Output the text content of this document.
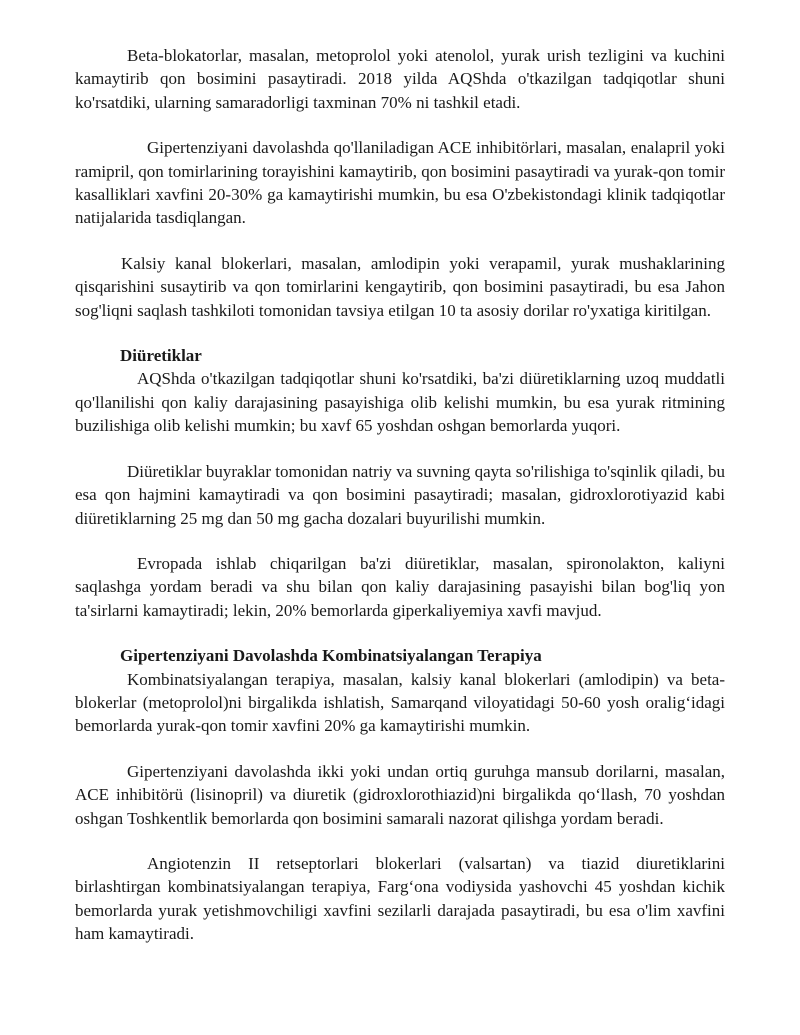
Beta-blokatorlar, masalan, metoprolol yoki atenolol, yurak urish tezligini va kuchini kamaytirib qon bosimini pasaytiradi. 2018 yilda AQShda o'tkazilgan tadqiqotlar shuni ko'rsatdiki, ularning samaradorligi taxminan 70% ni tashkil etadi.

Gipertenziyani davolashda qo'llaniladigan ACE inhibitörlari, masalan, enalapril yoki ramipril, qon tomirlarining torayishini kamaytirib, qon bosimini pasaytiradi va yurak-qon tomir kasalliklari xavfini 20-30% ga kamaytirishi mumkin, bu esa O'zbekistondagi klinik tadqiqotlar natijalarida tasdiqlangan.

Kalsiy kanal blokerlari, masalan, amlodipin yoki verapamil, yurak mushaklarining qisqarishini susaytirib va qon tomirlarini kengaytirib, qon bosimini pasaytiradi, bu esa Jahon sog'liqni saqlash tashkiloti tomonidan tavsiya etilgan 10 ta asosiy dorilar ro'yxatiga kiritilgan.

Diüretiklar

AQShda o'tkazilgan tadqiqotlar shuni ko'rsatdiki, ba'zi diüretiklarning uzoq muddatli qo'llanilishi qon kaliy darajasining pasayishiga olib kelishi mumkin, bu esa yurak ritmining buzilishiga olib kelishi mumkin; bu xavf 65 yoshdan oshgan bemorlarda yuqori.

Diüretiklar buyraklar tomonidan natriy va suvning qayta so'rilishiga to'sqinlik qiladi, bu esa qon hajmini kamaytiradi va qon bosimini pasaytiradi; masalan, gidroxlorotiyazid kabi diüretiklarning 25 mg dan 50 mg gacha dozalari buyurilishi mumkin.

Evropada ishlab chiqarilgan ba'zi diüretiklar, masalan, spironolakton, kaliyni saqlashga yordam beradi va shu bilan qon kaliy darajasining pasayishi bilan bog'liq yon ta'sirlarni kamaytiradi; lekin, 20% bemorlarda giperkaliyemiya xavfi mavjud.

Gipertenziyani Davolashda Kombinatsiyalangan Terapiya

Kombinatsiyalangan terapiya, masalan, kalsiy kanal blokerlari (amlodipin) va beta-blokerlar (metoprolol)ni birgalikda ishlatish, Samarqand viloyatidagi 50-60 yosh oralig‘idagi bemorlarda yurak-qon tomir xavfini 20% ga kamaytirishi mumkin.

Gipertenziyani davolashda ikki yoki undan ortiq guruhga mansub dorilarni, masalan, ACE inhibitörü (lisinopril) va diuretik (gidroxlorothiazid)ni birgalikda qo‘llash, 70 yoshdan oshgan Toshkentlik bemorlarda qon bosimini samarali nazorat qilishga yordam beradi.

Angiotenzin II retseptorlari blokerlari (valsartan) va tiazid diuretiklarini birlashtirgan kombinatsiyalangan terapiya, Farg‘ona vodiysida yashovchi 45 yoshdan kichik bemorlarda yurak yetishmovchiligi xavfini sezilarli darajada pasaytiradi, bu esa o'lim xavfini ham kamaytiradi.
